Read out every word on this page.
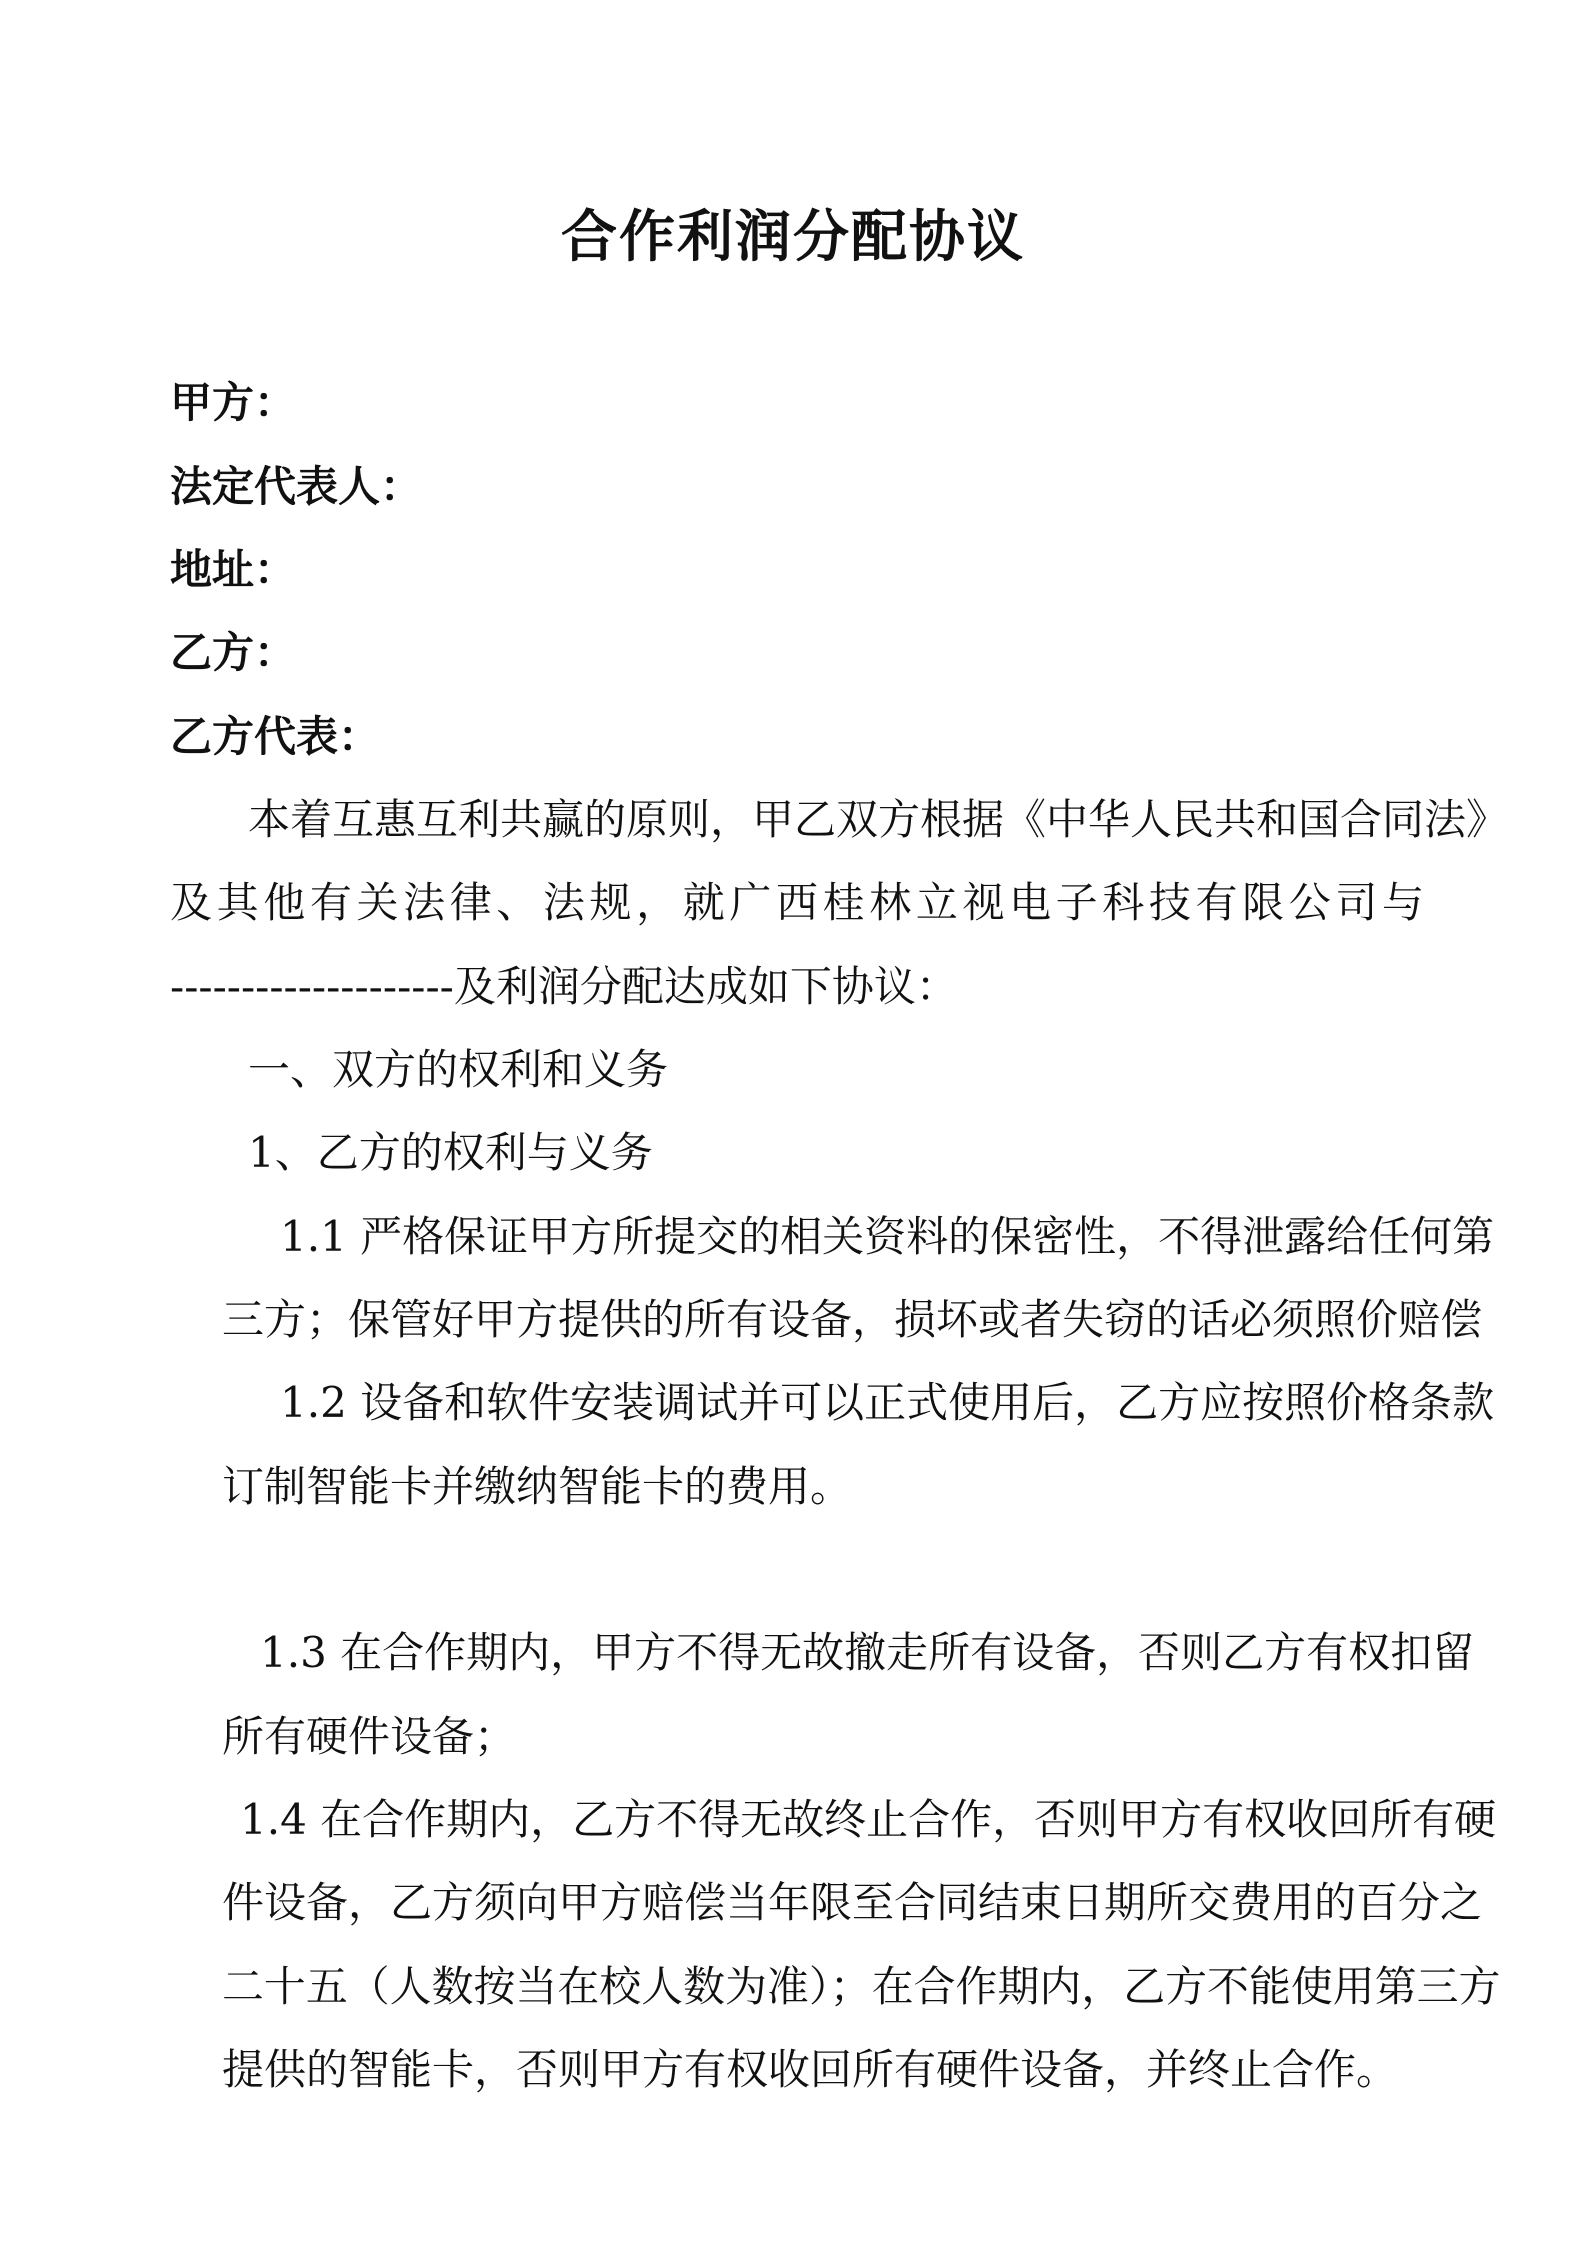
合作利润分配协议
甲方：
法定代表人：
地址：
乙方：
乙方代表：
本着互惠互利共赢的原则，甲乙双方根据《中华人民共和国合同法》
及其他有关法律、法规，就广西桂林立视电子科技有限公司与
--------------------及利润分配达成如下协议：
一、双方的权利和义务
1、乙方的权利与义务
1.1 严格保证甲方所提交的相关资料的保密性，不得泄露给任何第
三方；保管好甲方提供的所有设备，损坏或者失窃的话必须照价赔偿
1.2 设备和软件安装调试并可以正式使用后，乙方应按照价格条款
订制智能卡并缴纳智能卡的费用。
1.3 在合作期内，甲方不得无故撤走所有设备，否则乙方有权扣留
所有硬件设备；
1.4 在合作期内，乙方不得无故终止合作，否则甲方有权收回所有硬
件设备，乙方须向甲方赔偿当年限至合同结束日期所交费用的百分之
二十五（人数按当在校人数为准）；在合作期内，乙方不能使用第三方
提供的智能卡，否则甲方有权收回所有硬件设备，并终止合作。
